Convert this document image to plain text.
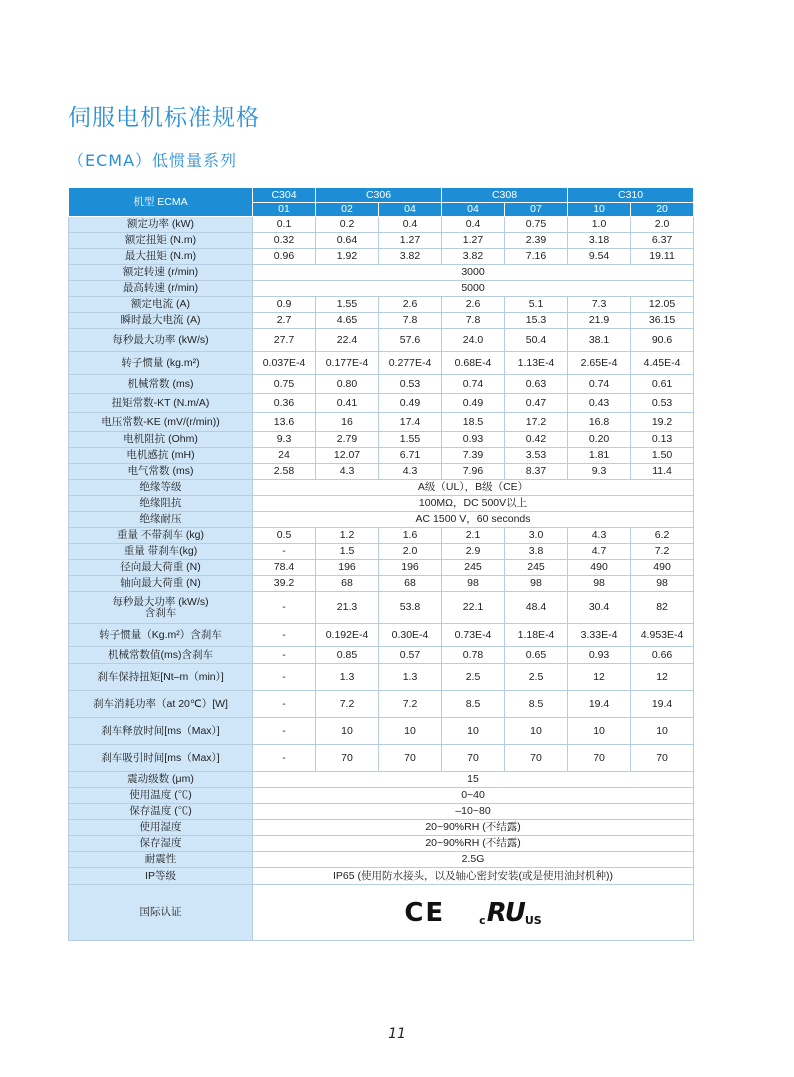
伺服电机标准规格
（ECMA）低惯量系列
机型 ECMA	C304	C306		C308		C310	
	01	02	04	04	07	10	20
额定功率 (kW)	0.1	0.2	0.4	0.4	0.75	1.0	2.0
额定扭矩 (N.m)	0.32	0.64	1.27	1.27	2.39	3.18	6.37
最大扭矩 (N.m)	0.96	1.92	3.82	3.82	7.16	9.54	19.11
额定转速 (r/min)	3000						
最高转速 (r/min)	5000						
额定电流 (A)	0.9	1.55	2.6	2.6	5.1	7.3	12.05
瞬时最大电流 (A)	2.7	4.65	7.8	7.8	15.3	21.9	36.15
每秒最大功率 (kW/s)	27.7	22.4	57.6	24.0	50.4	38.1	90.6
转子惯量 (kg.m²)	0.037E-4	0.177E-4	0.277E-4	0.68E-4	1.13E-4	2.65E-4	4.45E-4
机械常数 (ms)	0.75	0.80	0.53	0.74	0.63	0.74	0.61
扭矩常数-KT (N.m/A)	0.36	0.41	0.49	0.49	0.47	0.43	0.53
电压常数-KE (mV/(r/min))	13.6	16	17.4	18.5	17.2	16.8	19.2
电机阻抗 (Ohm)	9.3	2.79	1.55	0.93	0.42	0.20	0.13
电机感抗 (mH)	24	12.07	6.71	7.39	3.53	1.81	1.50
电气常数 (ms)	2.58	4.3	4.3	7.96	8.37	9.3	11.4
绝缘等级	A级（UL），B级（CE）						
绝缘阻抗	100MΩ，DC 500V以上						
绝缘耐压	AC 1500 V，60 seconds						
重量 不带刹车 (kg)	0.5	1.2	1.6	2.1	3.0	4.3	6.2
重量 带刹车(kg)	-	1.5	2.0	2.9	3.8	4.7	7.2
径向最大荷重 (N)	78.4	196	196	245	245	490	490
轴向最大荷重 (N)	39.2	68	68	98	98	98	98

每秒最大功率 (kW/s)
含刹车	-	21.3	53.8	22.1	48.4	30.4	82
转子惯量（Kg.m²）含刹车	-	0.192E-4	0.30E-4	0.73E-4	1.18E-4	3.33E-4	4.953E-4
机械常数值(ms)含刹车	-	0.85	0.57	0.78	0.65	0.93	0.66
刹车保持扭矩[Nt–m（min）]	-	1.3	1.3	2.5	2.5	12	12
刹车消耗功率（at 20℃）[W]	-	7.2	7.2	8.5	8.5	19.4	19.4
刹车释放时间[ms（Max）]	-	10	10	10	10	10	10
刹车吸引时间[ms（Max）]	-	70	70	70	70	70	70
震动级数 (μm)	15						
使用温度 (℃)	0~40						
保存温度 (℃)	–10~80						
使用湿度	20~90%RH (不结露)						
保存湿度	20~90%RH (不结露)						
耐震性	2.5G						
IP等级	IP65 (使用防水接头，以及轴心密封安装(或是使用油封机种))						
国际认证	CE c RU US						
11
